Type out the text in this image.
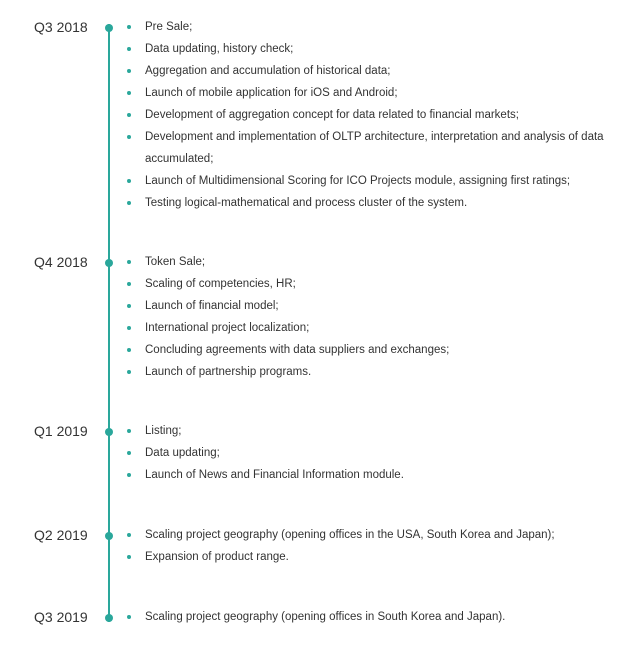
Q3 2018	Pre Sale;
Data updating, history check;
Aggregation and accumulation of historical data;
Launch of mobile application for iOS and Android;
Development of aggregation concept for data related to financial markets;
Development and implementation of OLTP architecture, interpretation and analysis of data accumulated;
Launch of Multidimensional Scoring for ICO Projects module, assigning first ratings;
Testing logical-mathematical and process cluster of the system.
Q4 2018	Token Sale;
Scaling of competencies, HR;
Launch of financial model;
International project localization;
Concluding agreements with data suppliers and exchanges;
Launch of partnership programs.
Q1 2019	Listing;
Data updating;
Launch of News and Financial Information module.
Q2 2019	Scaling project geography (opening offices in the USA, South Korea and Japan);
Expansion of product range.
Q3 2019	Scaling project geography (opening offices in South Korea and Japan).
